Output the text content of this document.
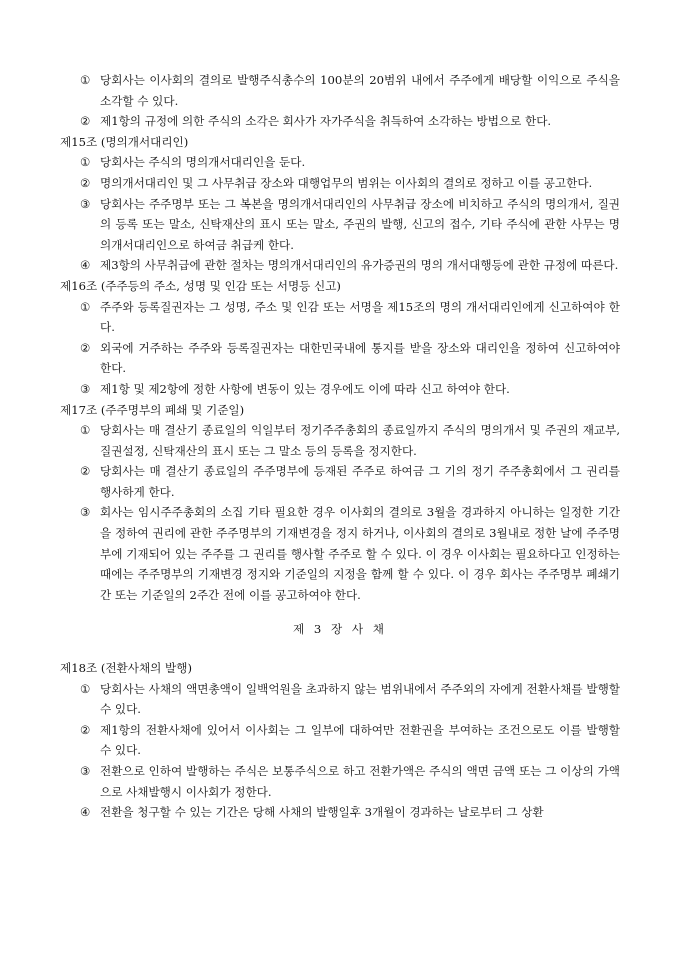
① 당회사는 이사회의 결의로 발행주식총수의 100분의 20범위 내에서 주주에게 배당할 이익으로 주식을 소각할 수 있다.
② 제1항의 규정에 의한 주식의 소각은 회사가 자가주식을 취득하여 소각하는 방법으로 한다.
제15조 (명의개서대리인)
① 당회사는 주식의 명의개서대리인을 둔다.
② 명의개서대리인 및 그 사무취급 장소와 대행업무의 범위는 이사회의 결의로 정하고 이를 공고한다.
③ 당회사는 주주명부 또는 그 복본을 명의개서대리인의 사무취급 장소에 비치하고 주식의 명의개서, 질권의 등록 또는 말소, 신탁재산의 표시 또는 말소, 주권의 발행, 신고의 접수, 기타 주식에 관한 사무는 명의개서대리인으로 하여금 취급케 한다.
④ 제3항의 사무취급에 관한 절차는 명의개서대리인의 유가증권의 명의 개서대행등에 관한 규정에 따른다.
제16조 (주주등의 주소, 성명 및 인감 또는 서명등 신고)
① 주주와 등록질권자는 그 성명, 주소 및 인감 또는 서명을 제15조의 명의 개서대리인에게 신고하여야 한다.
② 외국에 거주하는 주주와 등록질권자는 대한민국내에 통지를 받을 장소와 대리인을 정하여 신고하여야 한다.
③ 제1항 및 제2항에 정한 사항에 변동이 있는 경우에도 이에 따라 신고 하여야 한다.
제17조 (주주명부의 폐쇄 및 기준일)
① 당회사는 매 결산기 종료일의 익일부터 정기주주총회의 종료일까지 주식의 명의개서 및 주권의 재교부, 질권설정, 신탁재산의 표시 또는 그 말소 등의 등록을 정지한다.
② 당회사는 매 결산기 종료일의 주주명부에 등재된 주주로 하여금 그 기의 정기 주주총회에서 그 권리를 행사하게 한다.
③ 회사는 임시주주총회의 소집 기타 필요한 경우 이사회의 결의로 3월을 경과하지 아니하는 일정한 기간을 정하여 권리에 관한 주주명부의 기재변경을 정지 하거나, 이사회의 결의로 3월내로 정한 날에 주주명부에 기재되어 있는 주주를 그 권리를 행사할 주주로 할 수 있다. 이 경우 이사회는 필요하다고 인정하는 때에는 주주명부의 기재변경 정지와 기준일의 지정을 함께 할 수 있다. 이 경우 회사는 주주명부 폐쇄기간 또는 기준일의 2주간 전에 이를 공고하여야 한다.
제 3 장 사 채
제18조 (전환사채의 발행)
① 당회사는 사채의 액면총액이 일백억원을 초과하지 않는 범위내에서 주주외의 자에게 전환사채를 발행할 수 있다.
② 제1항의 전환사채에 있어서 이사회는 그 일부에 대하여만 전환권을 부여하는 조건으로도 이를 발행할 수 있다.
③ 전환으로 인하여 발행하는 주식은 보통주식으로 하고 전환가액은 주식의 액면 금액 또는 그 이상의 가액으로 사채발행시 이사회가 정한다.
④ 전환을 청구할 수 있는 기간은 당해 사채의 발행일후 3개월이 경과하는 날로부터 그 상환
